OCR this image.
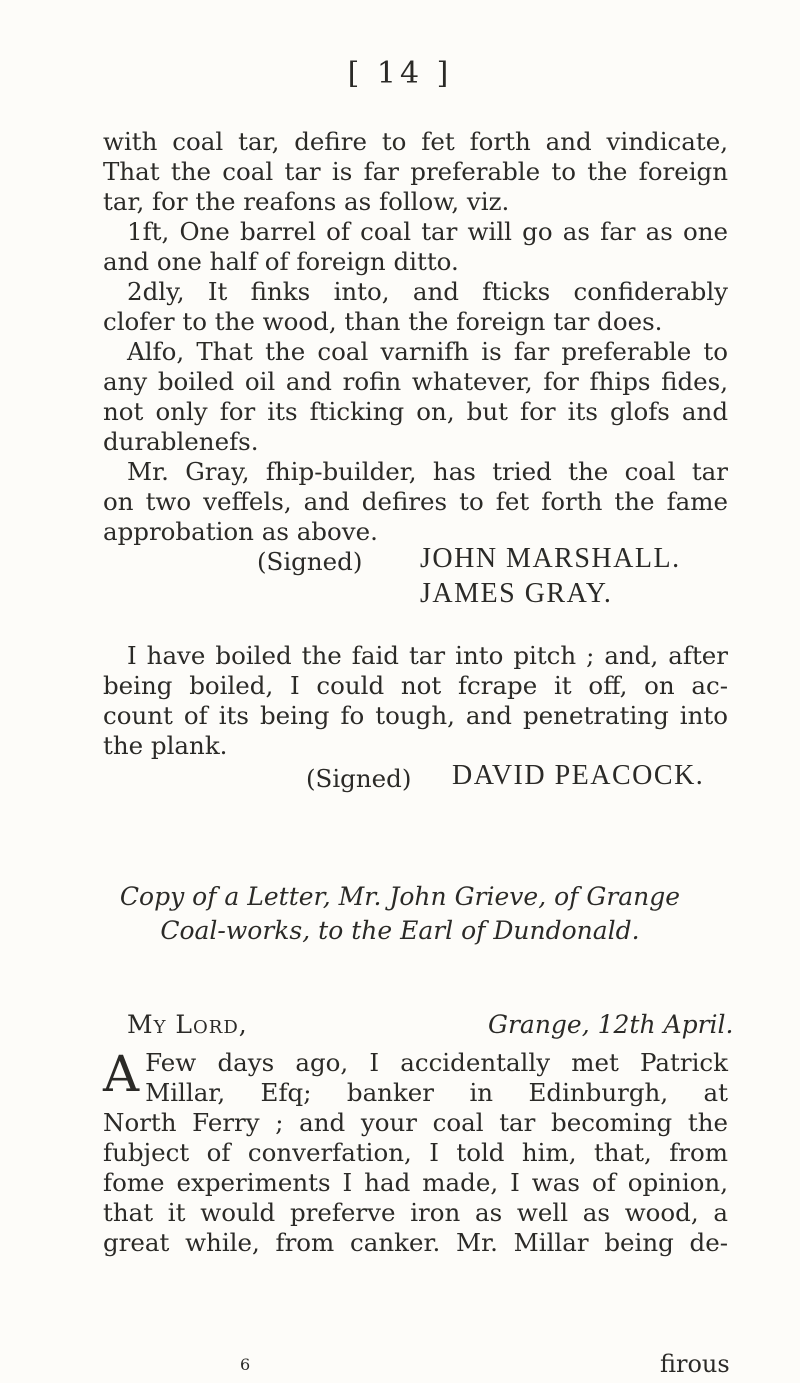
[ 14 ]
with coal tar, defire to fet forth and vindicate,
That the coal tar is far preferable to the foreign
tar, for the reafons as follow, viz.
1ft, One barrel of coal tar will go as far as one
and one half of foreign ditto.
2dly, It finks into, and fticks confiderably
clofer to the wood, than the foreign tar does.
Alfo, That the coal varnifh is far preferable to
any boiled oil and rofin whatever, for fhips fides,
not only for its fticking on, but for its glofs and
durablenefs.
Mr. Gray, fhip-builder, has tried the coal tar
on two veffels, and defires to fet forth the fame
approbation as above.
(Signed) JOHN MARSHALL.
JAMES GRAY.
I have boiled the faid tar into pitch ; and, after
being boiled, I could not fcrape it off, on ac-
count of its being fo tough, and penetrating into
the plank.
(Signed) DAVID PEACOCK.
Copy of a Letter, Mr. John Grieve, of Grange
Coal-works, to the Earl of Dundonald.
My Lord,	Grange, 12th April.
A Few days ago, I accidentally met Patrick
Millar, Efq; banker in Edinburgh, at
North Ferry ; and your coal tar becoming the
fubject of converfation, I told him, that, from
fome experiments I had made, I was of opinion,
that it would preferve iron as well as wood, a
great while, from canker. Mr. Millar being de-
6	firous
